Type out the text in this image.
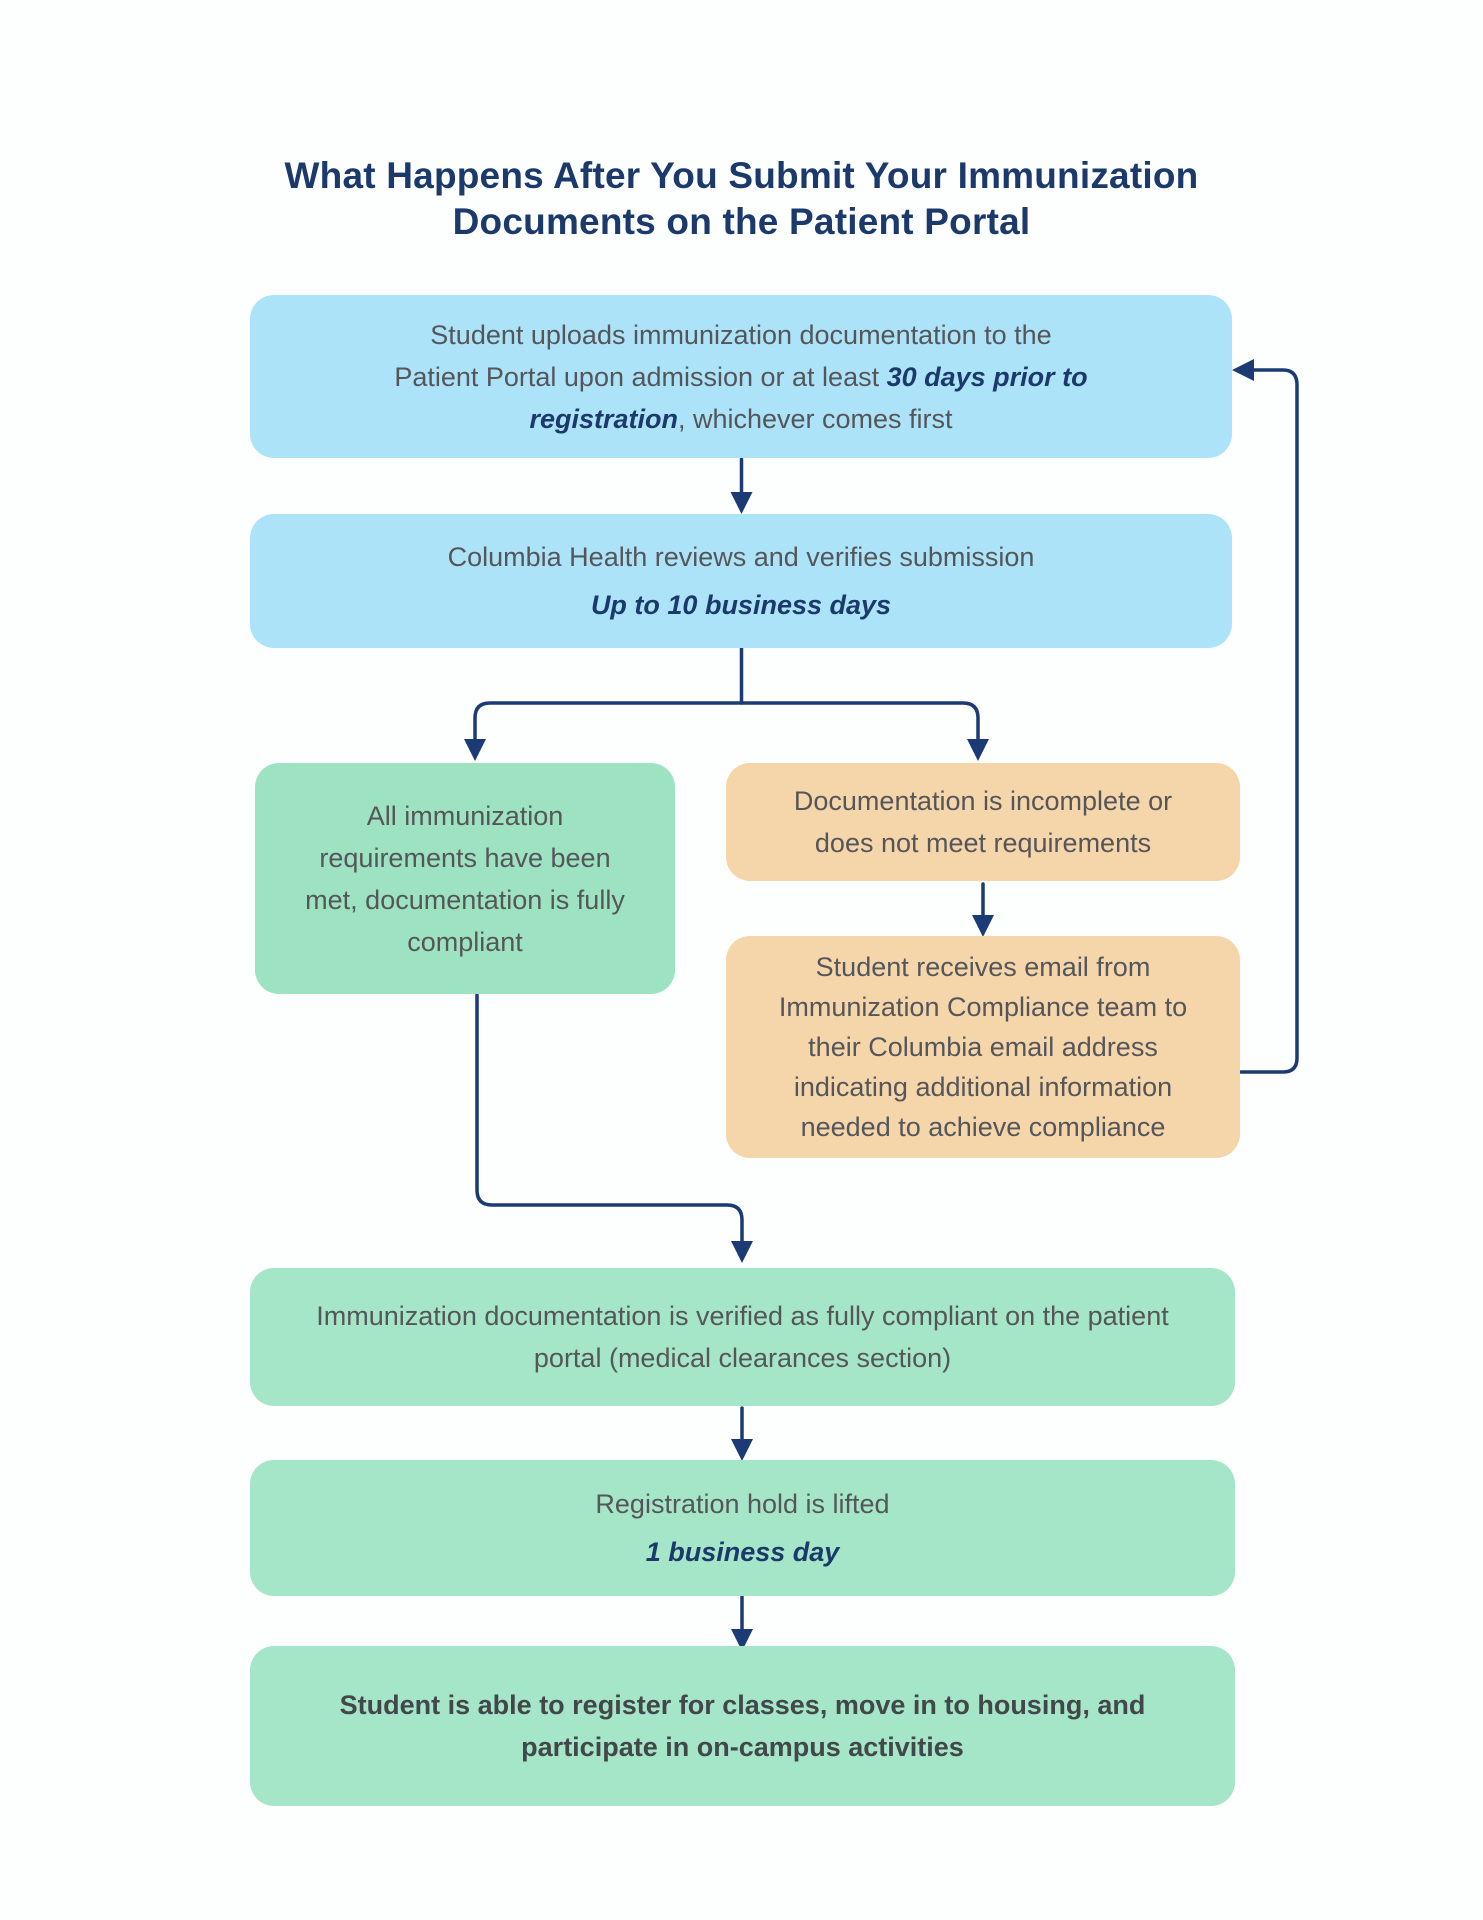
What Happens After You Submit Your Immunization
Documents on the Patient Portal

Student uploads immunization documentation to the Patient Portal upon admission or at least 30 days prior to registration, whichever comes first

Columbia Health reviews and verifies submission
Up to 10 business days

All immunization requirements have been met, documentation is fully compliant

Documentation is incomplete or does not meet requirements

Student receives email from Immunization Compliance team to their Columbia email address indicating additional information needed to achieve compliance

Immunization documentation is verified as fully compliant on the patient portal (medical clearances section)

Registration hold is lifted
1 business day

Student is able to register for classes, move in to housing, and participate in on-campus activities
